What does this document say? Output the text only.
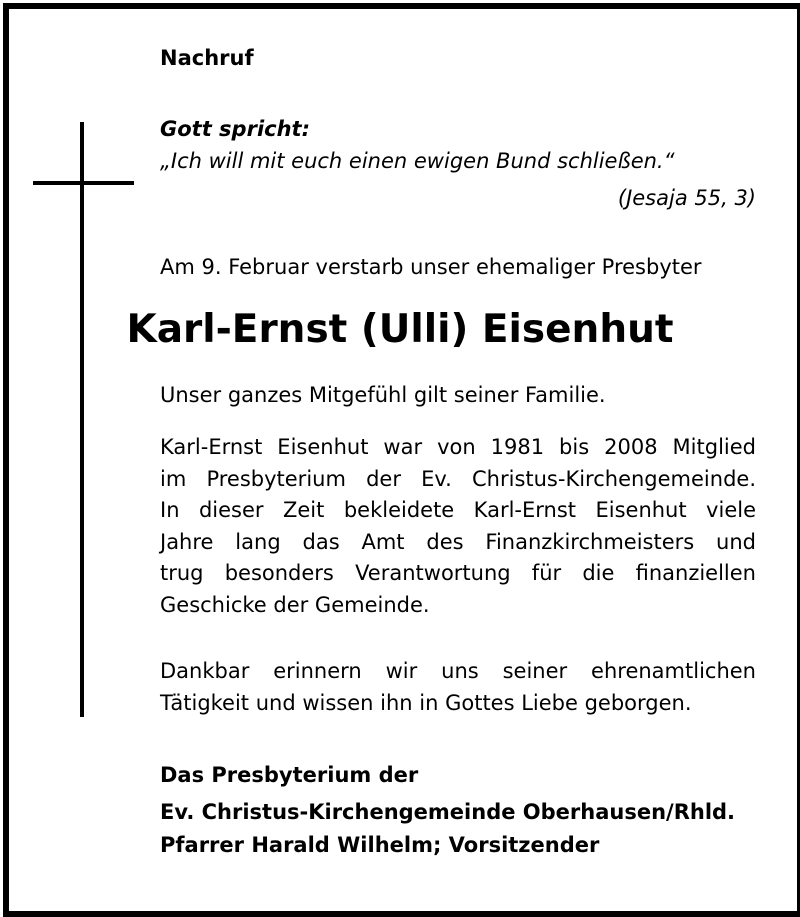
Nachruf
Gott spricht:
„Ich will mit euch einen ewigen Bund schließen.“
(Jesaja 55, 3)
Am 9. Februar verstarb unser ehemaliger Presbyter
Karl-Ernst (Ulli) Eisenhut
Unser ganzes Mitgefühl gilt seiner Familie.
Karl-Ernst Eisenhut war von 1981 bis 2008 Mitglied
im Presbyterium der Ev. Christus-Kirchengemeinde.
In dieser Zeit bekleidete Karl-Ernst Eisenhut viele
Jahre lang das Amt des Finanzkirchmeisters und
trug besonders Verantwortung für die finanziellen
Geschicke der Gemeinde.
Dankbar erinnern wir uns seiner ehrenamtlichen
Tätigkeit und wissen ihn in Gottes Liebe geborgen.
Das Presbyterium der
Ev. Christus-Kirchengemeinde Oberhausen/Rhld.
Pfarrer Harald Wilhelm; Vorsitzender
